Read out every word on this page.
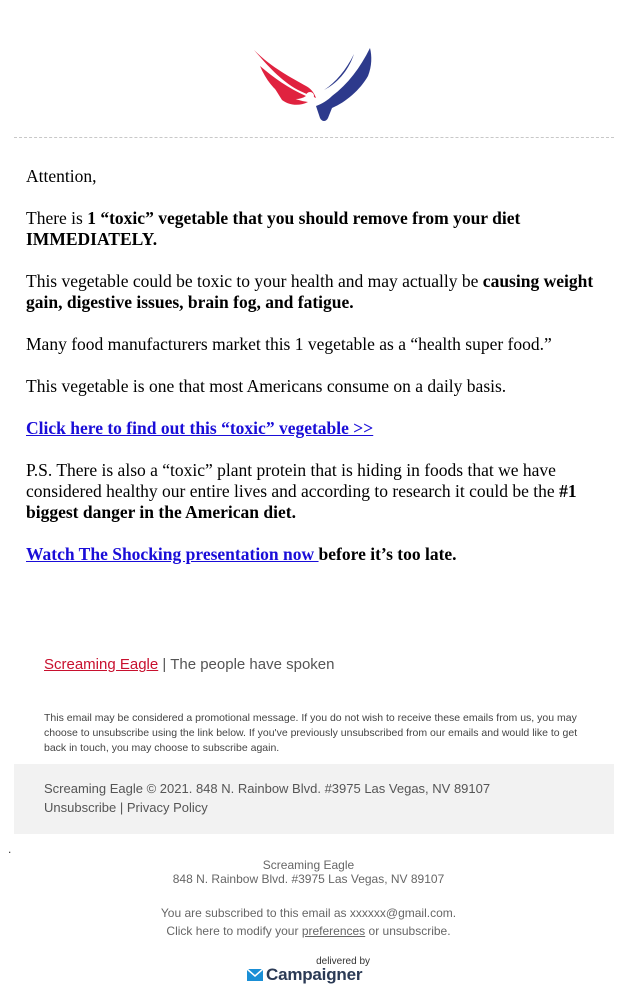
Attention,

There is 1 “toxic” vegetable that you should remove from your diet IMMEDIATELY.

This vegetable could be toxic to your health and may actually be causing weight gain, digestive issues, brain fog, and fatigue.

Many food manufacturers market this 1 vegetable as a “health super food.”

This vegetable is one that most Americans consume on a daily basis.

Click here to find out this “toxic” vegetable >>

P.S. There is also a “toxic” plant protein that is hiding in foods that we have considered healthy our entire lives and according to research it could be the #1 biggest danger in the American diet.

Watch The Shocking presentation now before it’s too late.

Screaming Eagle | The people have spoken
This email may be considered a promotional message. If you do not wish to receive these emails from us, you may choose to unsubscribe using the link below. If you've previously unsubscribed from our emails and would like to get back in touch, you may choose to subscribe again.
Screaming Eagle © 2021. 848 N. Rainbow Blvd. #3975 Las Vegas, NV 89107
Unsubscribe | Privacy Policy
.
Screaming Eagle
848 N. Rainbow Blvd. #3975 Las Vegas, NV 89107
You are subscribed to this email as xxxxxx@gmail.com.
Click here to modify your preferences or unsubscribe.
delivered by
Campaigner
